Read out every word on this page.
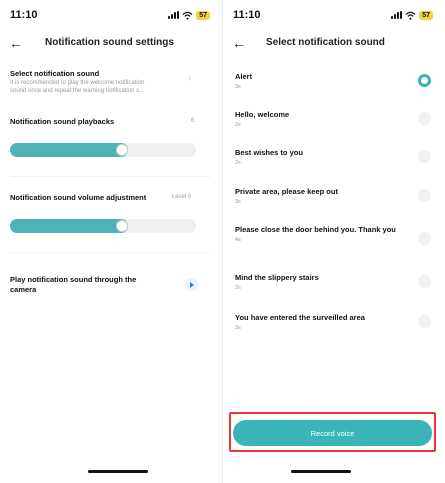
11:10	57
← Notification sound settings
Select notification sound
It is recommended to play the welcome notification
sound once and repeat the warning notification s...
›
Notification sound playbacks	6
Notification sound volume adjustment	Level 6
Play notification sound through the
camera
11:10	57
← Select notification sound
Alert
3s
Hello, welcome
2s
Best wishes to you
2s
Private area, please keep out
3s
Please close the door behind you. Thank you
4s
Mind the slippery stairs
2s
You have entered the surveilled area
3s
Record voice
